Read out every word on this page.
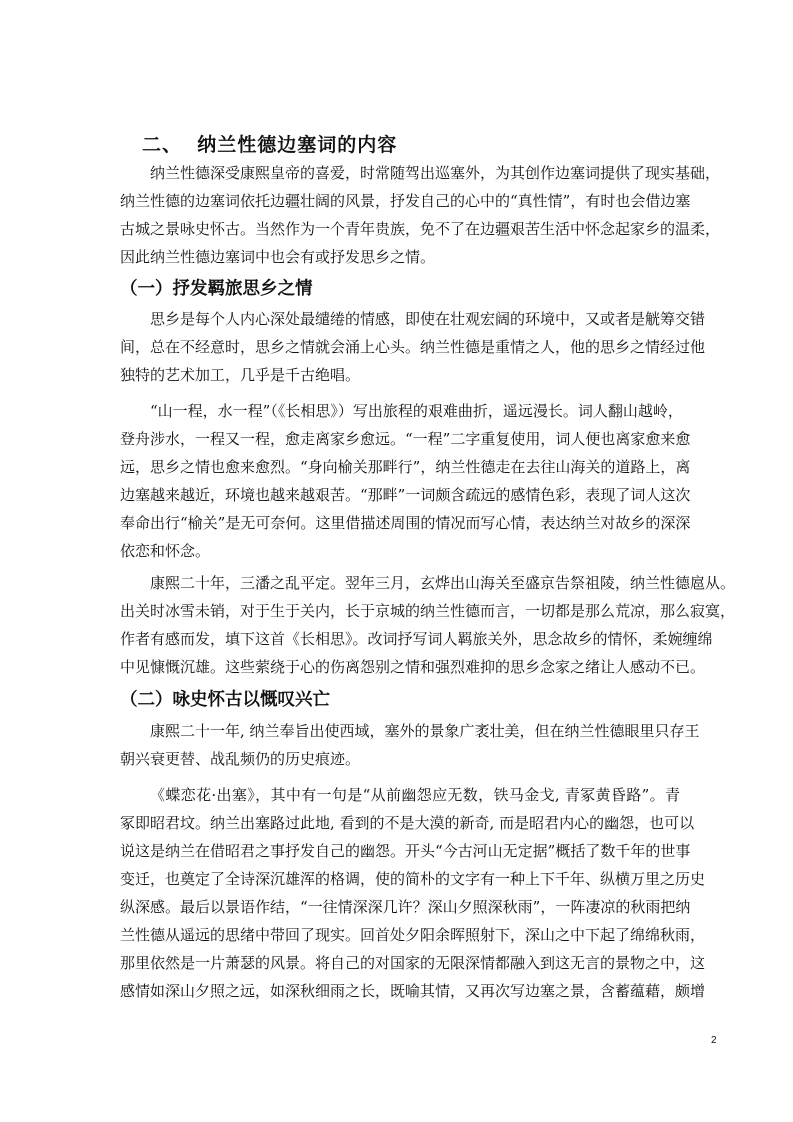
二、  纳兰性德边塞词的内容
纳兰性德深受康熙皇帝的喜爱，时常随驾出巡塞外，为其创作边塞词提供了现实基础，
纳兰性德的边塞词依托边疆壮阔的风景，抒发自己的心中的“真性情”，有时也会借边塞
古城之景咏史怀古。当然作为一个青年贵族，免不了在边疆艰苦生活中怀念起家乡的温柔，
因此纳兰性德边塞词中也会有或抒发思乡之情。
（一）抒发羁旅思乡之情
思乡是每个人内心深处最缱绻的情感，即使在壮观宏阔的环境中，又或者是觥筹交错
间，总在不经意时，思乡之情就会涌上心头。纳兰性德是重情之人，他的思乡之情经过他
独特的艺术加工，几乎是千古绝唱。
“山一程，水一程”（《长相思》）写出旅程的艰难曲折，遥远漫长。词人翻山越岭，
登舟涉水，一程又一程，愈走离家乡愈远。“一程”二字重复使用，词人便也离家愈来愈
远，思乡之情也愈来愈烈。“身向榆关那畔行”，纳兰性德走在去往山海关的道路上，离
边塞越来越近，环境也越来越艰苦。“那畔”一词颇含疏远的感情色彩，表现了词人这次
奉命出行“榆关”是无可奈何。这里借描述周围的情况而写心情，表达纳兰对故乡的深深
依恋和怀念。
康熙二十年，三潘之乱平定。翌年三月，玄烨出山海关至盛京告祭祖陵，纳兰性德扈从。
出关时冰雪未销，对于生于关内，长于京城的纳兰性德而言，一切都是那么荒凉，那么寂寞，
作者有感而发，填下这首《长相思》。改词抒写词人羁旅关外，思念故乡的情怀，柔婉缠绵
中见慷慨沉雄。这些萦绕于心的伤离怨别之情和强烈难抑的思乡念家之绪让人感动不已。
（二）咏史怀古以慨叹兴亡
康熙二十一年, 纳兰奉旨出使西域，塞外的景象广袤壮美，但在纳兰性德眼里只存王
朝兴衰更替、战乱频仍的历史痕迹。
《蝶恋花·出塞》，其中有一句是“从前幽怨应无数，铁马金戈, 青冢黄昏路”。青
冢即昭君坟。纳兰出塞路过此地, 看到的不是大漠的新奇, 而是昭君内心的幽怨，也可以
说这是纳兰在借昭君之事抒发自己的幽怨。开头“今古河山无定据”概括了数千年的世事
变迁，也奠定了全诗深沉雄浑的格调，使的简朴的文字有一种上下千年、纵横万里之历史
纵深感。最后以景语作结，“一往情深深几许？深山夕照深秋雨”，一阵凄凉的秋雨把纳
兰性德从遥远的思绪中带回了现实。回首处夕阳余晖照射下，深山之中下起了绵绵秋雨，
那里依然是一片萧瑟的风景。将自己的对国家的无限深情都融入到这无言的景物之中，这
感情如深山夕照之远，如深秋细雨之长，既喻其情，又再次写边塞之景，含蓄蕴藉，颇增
2
